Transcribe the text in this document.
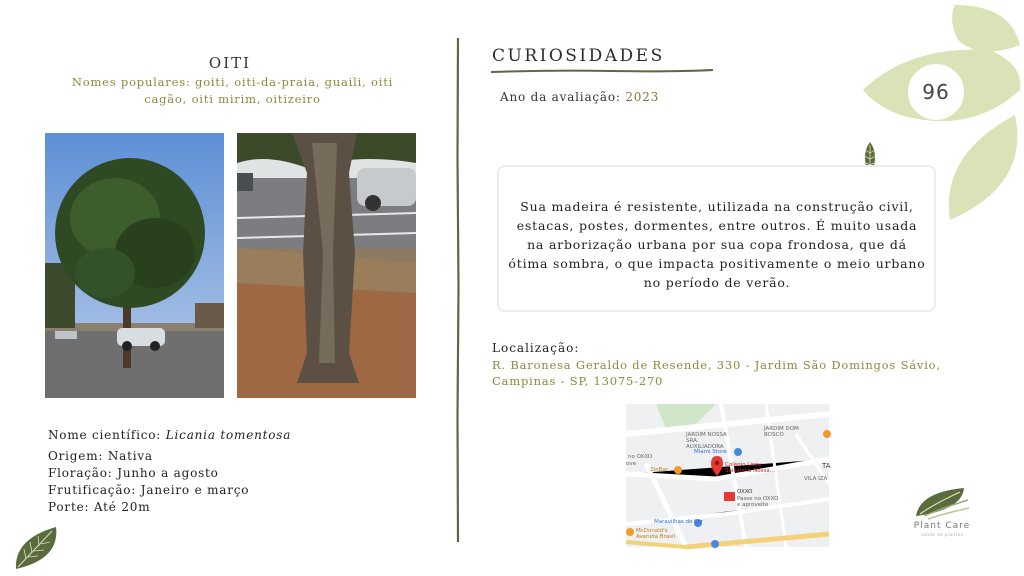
OITI
Nomes populares: goiti, oiti-da-praia, guaili, oiti cagão, oiti mirim, oitizeiro
Nome científico: Licania tomentosa
Origem: Nativa
Floração: Junho a agosto
Frutificação: Janeiro e março
Porte: Até 20m
CURIOSIDADES
Ano da avaliação: 2023	96
Sua madeira é resistente, utilizada na construção civil, estacas, postes, dormentes, entre outros. É muito usada na arborização urbana por sua copa frondosa, que dá ótima sombra, o que impacta positivamente o meio urbano no período de verão.
Localização:
R. Baronesa Geraldo de Resende, 330 - Jardim São Domingos Sávio, Campinas - SP, 13075-270
JARDIM DOM BOSCO
JARDIM NOSSA SRA. AUXILIADORA
Miami Store
ZinBar
Colégio Liceu Salesiano Nossa...
OXXO
Passe no OXXO e aproveite
VILA IZA
TA
Maravilhas do Lar
McDonald's Avenida Brasil
no OXXO
ove
Plant Care
saúde de plantas
